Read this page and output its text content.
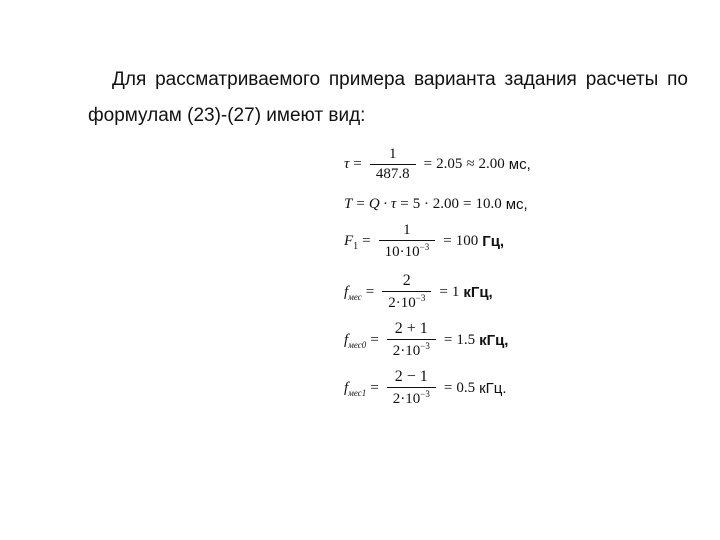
Для рассматриваемого примера варианта задания расчеты по
формулам (23)-(27) имеют вид:
$\tau = \frac{1}{487.8} = 2.05 \approx 2.00$ мс,
T = Q · τ = 5 · 2.00 = 10.0 мс,
F $1 = \frac{1}{10\cdot 10^{-3}} = 100$ Гц,
f мес = $\frac{2}{2\cdot 10^{-3}} = 1$ кГц,
f $мес0 = \frac{2 + 1}{2\cdot 10^{-3}} = 1.5$ кГц,
f $мес1 = \frac{2 - 1}{2\cdot 10^{-3}} = 0.5$ кГц.
